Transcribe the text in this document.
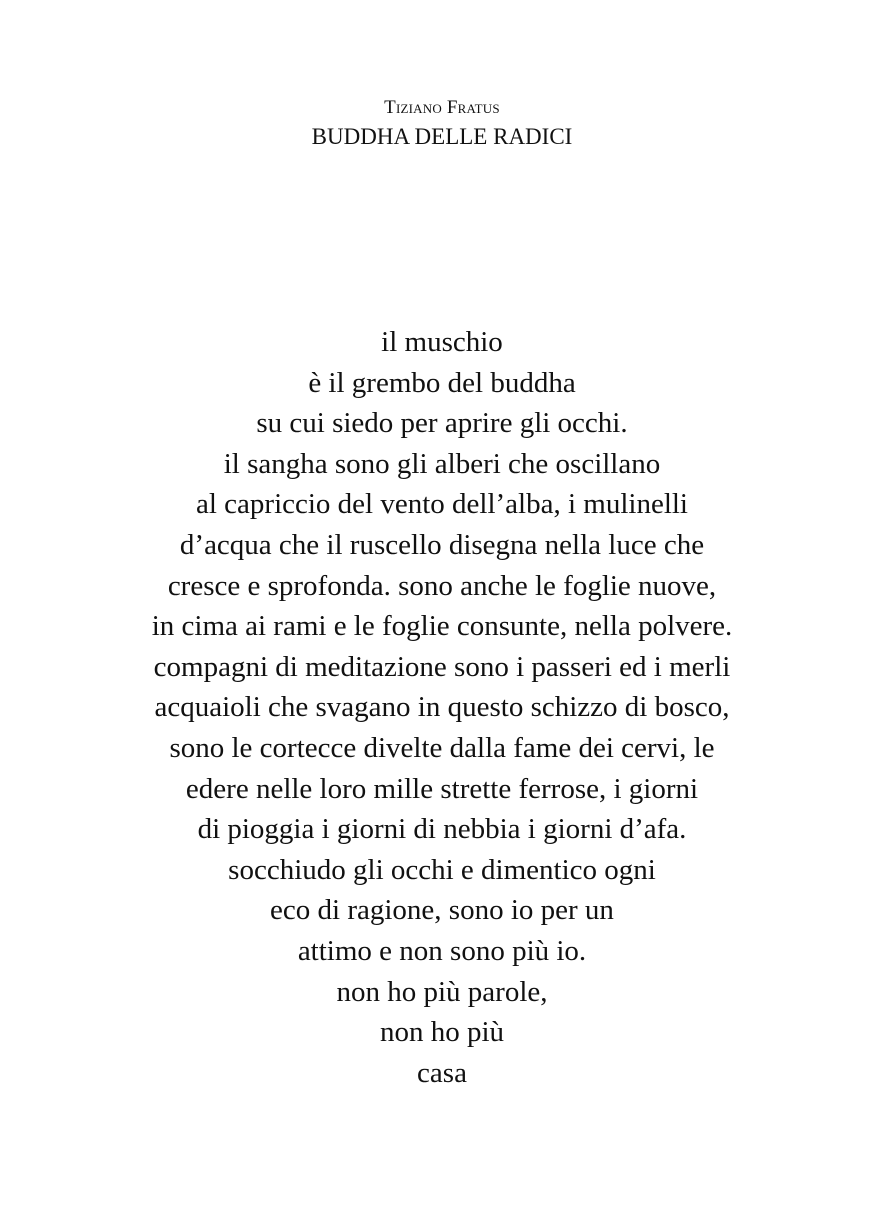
Tiziano Fratus

BUDDHA DELLE RADICI
il muschio
è il grembo del buddha
su cui siedo per aprire gli occhi.
il sangha sono gli alberi che oscillano
al capriccio del vento dell’alba, i mulinelli
d’acqua che il ruscello disegna nella luce che
cresce e sprofonda. sono anche le foglie nuove,
in cima ai rami e le foglie consunte, nella polvere.
compagni di meditazione sono i passeri ed i merli
acquaioli che svagano in questo schizzo di bosco,
sono le cortecce divelte dalla fame dei cervi, le
edere nelle loro mille strette ferrose, i giorni
di pioggia i giorni di nebbia i giorni d’afa.
socchiudo gli occhi e dimentico ogni
eco di ragione, sono io per un
attimo e non sono più io.
non ho più parole,
non ho più
casa
